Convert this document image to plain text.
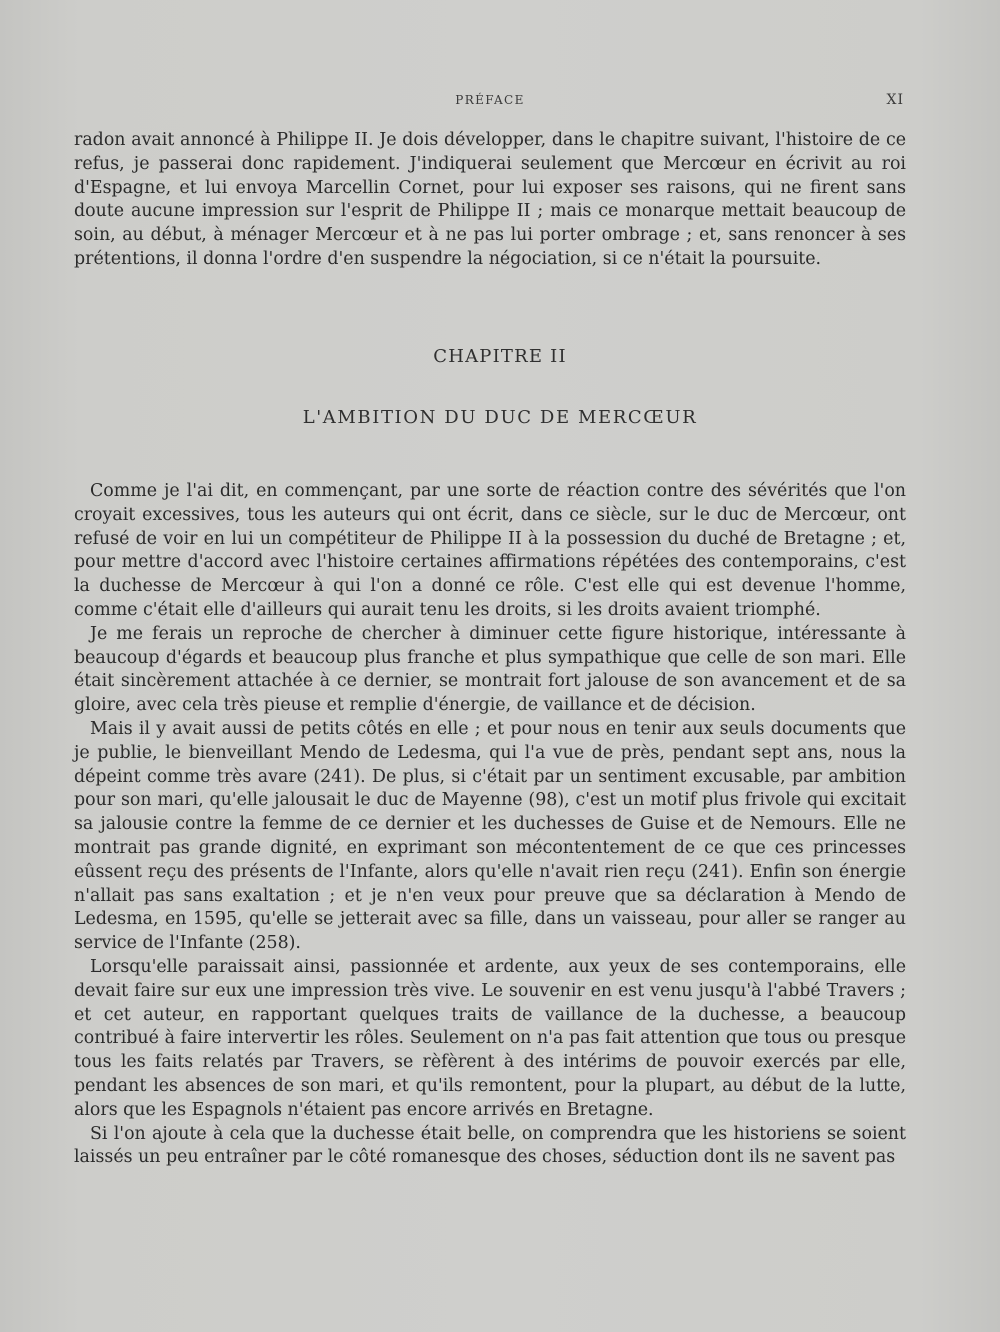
PRÉFACE	XI

radon avait annoncé à Philippe II. Je dois développer, dans le chapitre suivant, l'histoire de ce refus, je passerai donc rapidement. J'indiquerai seulement que Mercœur en écrivit au roi d'Espagne, et lui envoya Marcellin Cornet, pour lui exposer ses raisons, qui ne firent sans doute aucune impression sur l'esprit de Philippe II ; mais ce monarque mettait beaucoup de soin, au début, à ménager Mercœur et à ne pas lui porter ombrage ; et, sans renoncer à ses prétentions, il donna l'ordre d'en suspendre la négociation, si ce n'était la poursuite.

CHAPITRE II
L'AMBITION DU DUC DE MERCŒUR

Comme je l'ai dit, en commençant, par une sorte de réaction contre des sévérités que l'on croyait excessives, tous les auteurs qui ont écrit, dans ce siècle, sur le duc de Mercœur, ont refusé de voir en lui un compétiteur de Philippe II à la possession du duché de Bretagne ; et, pour mettre d'accord avec l'histoire certaines affirmations répétées des contemporains, c'est la duchesse de Mercœur à qui l'on a donné ce rôle. C'est elle qui est devenue l'homme, comme c'était elle d'ailleurs qui aurait tenu les droits, si les droits avaient triomphé.

Je me ferais un reproche de chercher à diminuer cette figure historique, intéressante à beaucoup d'égards et beaucoup plus franche et plus sympathique que celle de son mari. Elle était sincèrement attachée à ce dernier, se montrait fort jalouse de son avancement et de sa gloire, avec cela très pieuse et remplie d'énergie, de vaillance et de décision.

Mais il y avait aussi de petits côtés en elle ; et pour nous en tenir aux seuls documents que je publie, le bienveillant Mendo de Ledesma, qui l'a vue de près, pendant sept ans, nous la dépeint comme très avare (241). De plus, si c'était par un sentiment excusable, par ambition pour son mari, qu'elle jalousait le duc de Mayenne (98), c'est un motif plus frivole qui excitait sa jalousie contre la femme de ce dernier et les duchesses de Guise et de Nemours. Elle ne montrait pas grande dignité, en exprimant son mécontentement de ce que ces princesses eûssent reçu des présents de l'Infante, alors qu'elle n'avait rien reçu (241). Enfin son énergie n'allait pas sans exaltation ; et je n'en veux pour preuve que sa déclaration à Mendo de Ledesma, en 1595, qu'elle se jetterait avec sa fille, dans un vaisseau, pour aller se ranger au service de l'Infante (258).

Lorsqu'elle paraissait ainsi, passionnée et ardente, aux yeux de ses contemporains, elle devait faire sur eux une impression très vive. Le souvenir en est venu jusqu'à l'abbé Travers ; et cet auteur, en rapportant quelques traits de vaillance de la duchesse, a beaucoup contribué à faire intervertir les rôles. Seulement on n'a pas fait attention que tous ou presque tous les faits relatés par Travers, se rèfèrent à des intérims de pouvoir exercés par elle, pendant les absences de son mari, et qu'ils remontent, pour la plupart, au début de la lutte, alors que les Espagnols n'étaient pas encore arrivés en Bretagne.

Si l'on ajoute à cela que la duchesse était belle, on comprendra que les historiens se soient laissés un peu entraîner par le côté romanesque des choses, séduction dont ils ne savent pas
